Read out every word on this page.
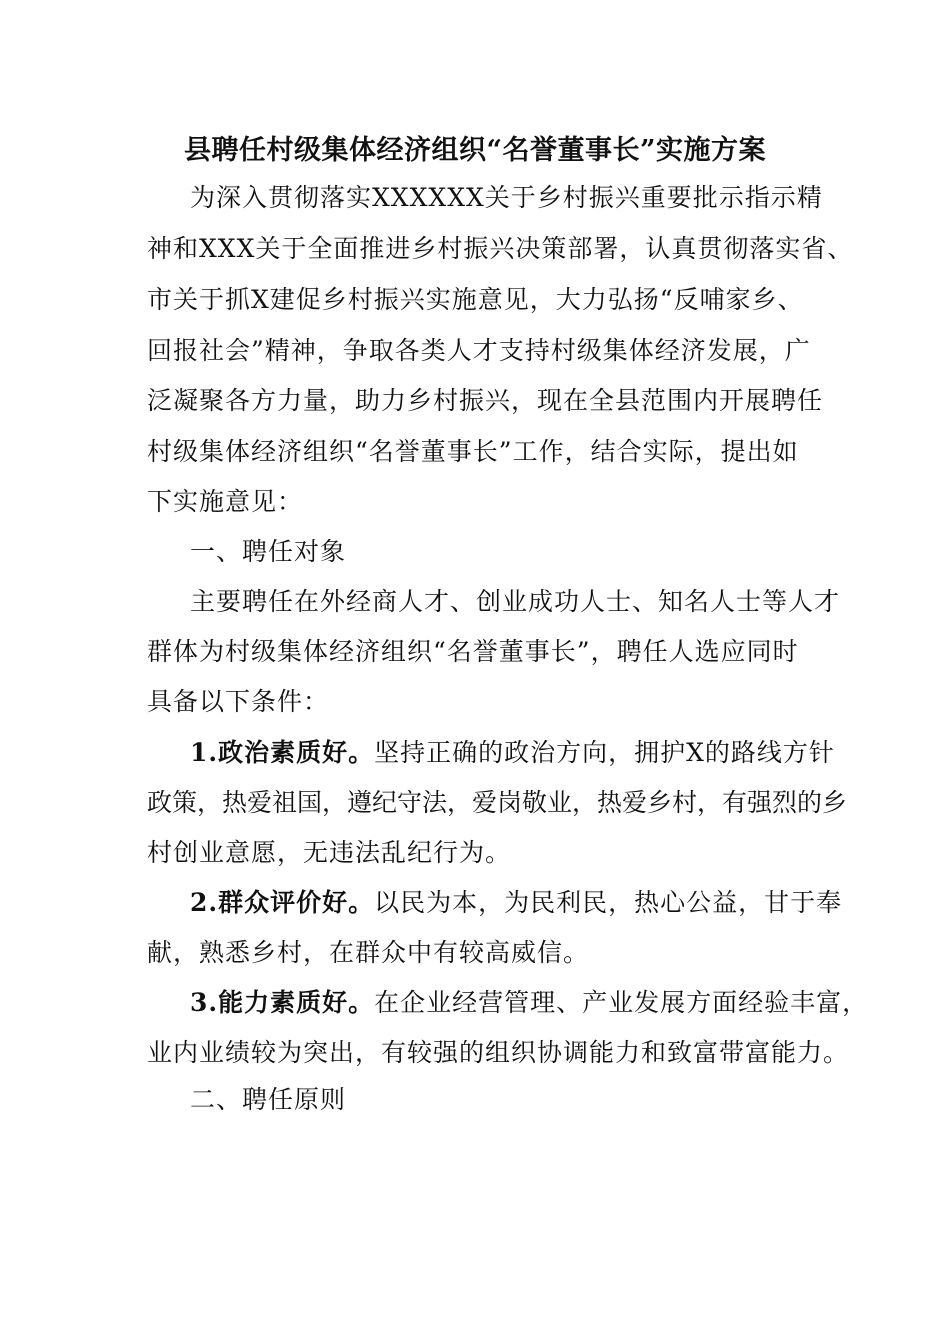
县聘任村级集体经济组织“名誉董事长”实施方案
为深入贯彻落实XXXXXX关于乡村振兴重要批示指示精
神和XXX关于全面推进乡村振兴决策部署，认真贯彻落实省、
市关于抓X建促乡村振兴实施意见，大力弘扬“反哺家乡、
回报社会”精神，争取各类人才支持村级集体经济发展，广
泛凝聚各方力量，助力乡村振兴，现在全县范围内开展聘任
村级集体经济组织“名誉董事长”工作，结合实际，提出如
下实施意见：
一、聘任对象
主要聘任在外经商人才、创业成功人士、知名人士等人才
群体为村级集体经济组织“名誉董事长”，聘任人选应同时
具备以下条件：
1.政治素质好。坚持正确的政治方向，拥护X的路线方针
政策，热爱祖国，遵纪守法，爱岗敬业，热爱乡村，有强烈的乡
村创业意愿，无违法乱纪行为。
2.群众评价好。以民为本，为民利民，热心公益，甘于奉
献，熟悉乡村，在群众中有较高威信。
3.能力素质好。在企业经营管理、产业发展方面经验丰富，
业内业绩较为突出，有较强的组织协调能力和致富带富能力。
二、聘任原则
